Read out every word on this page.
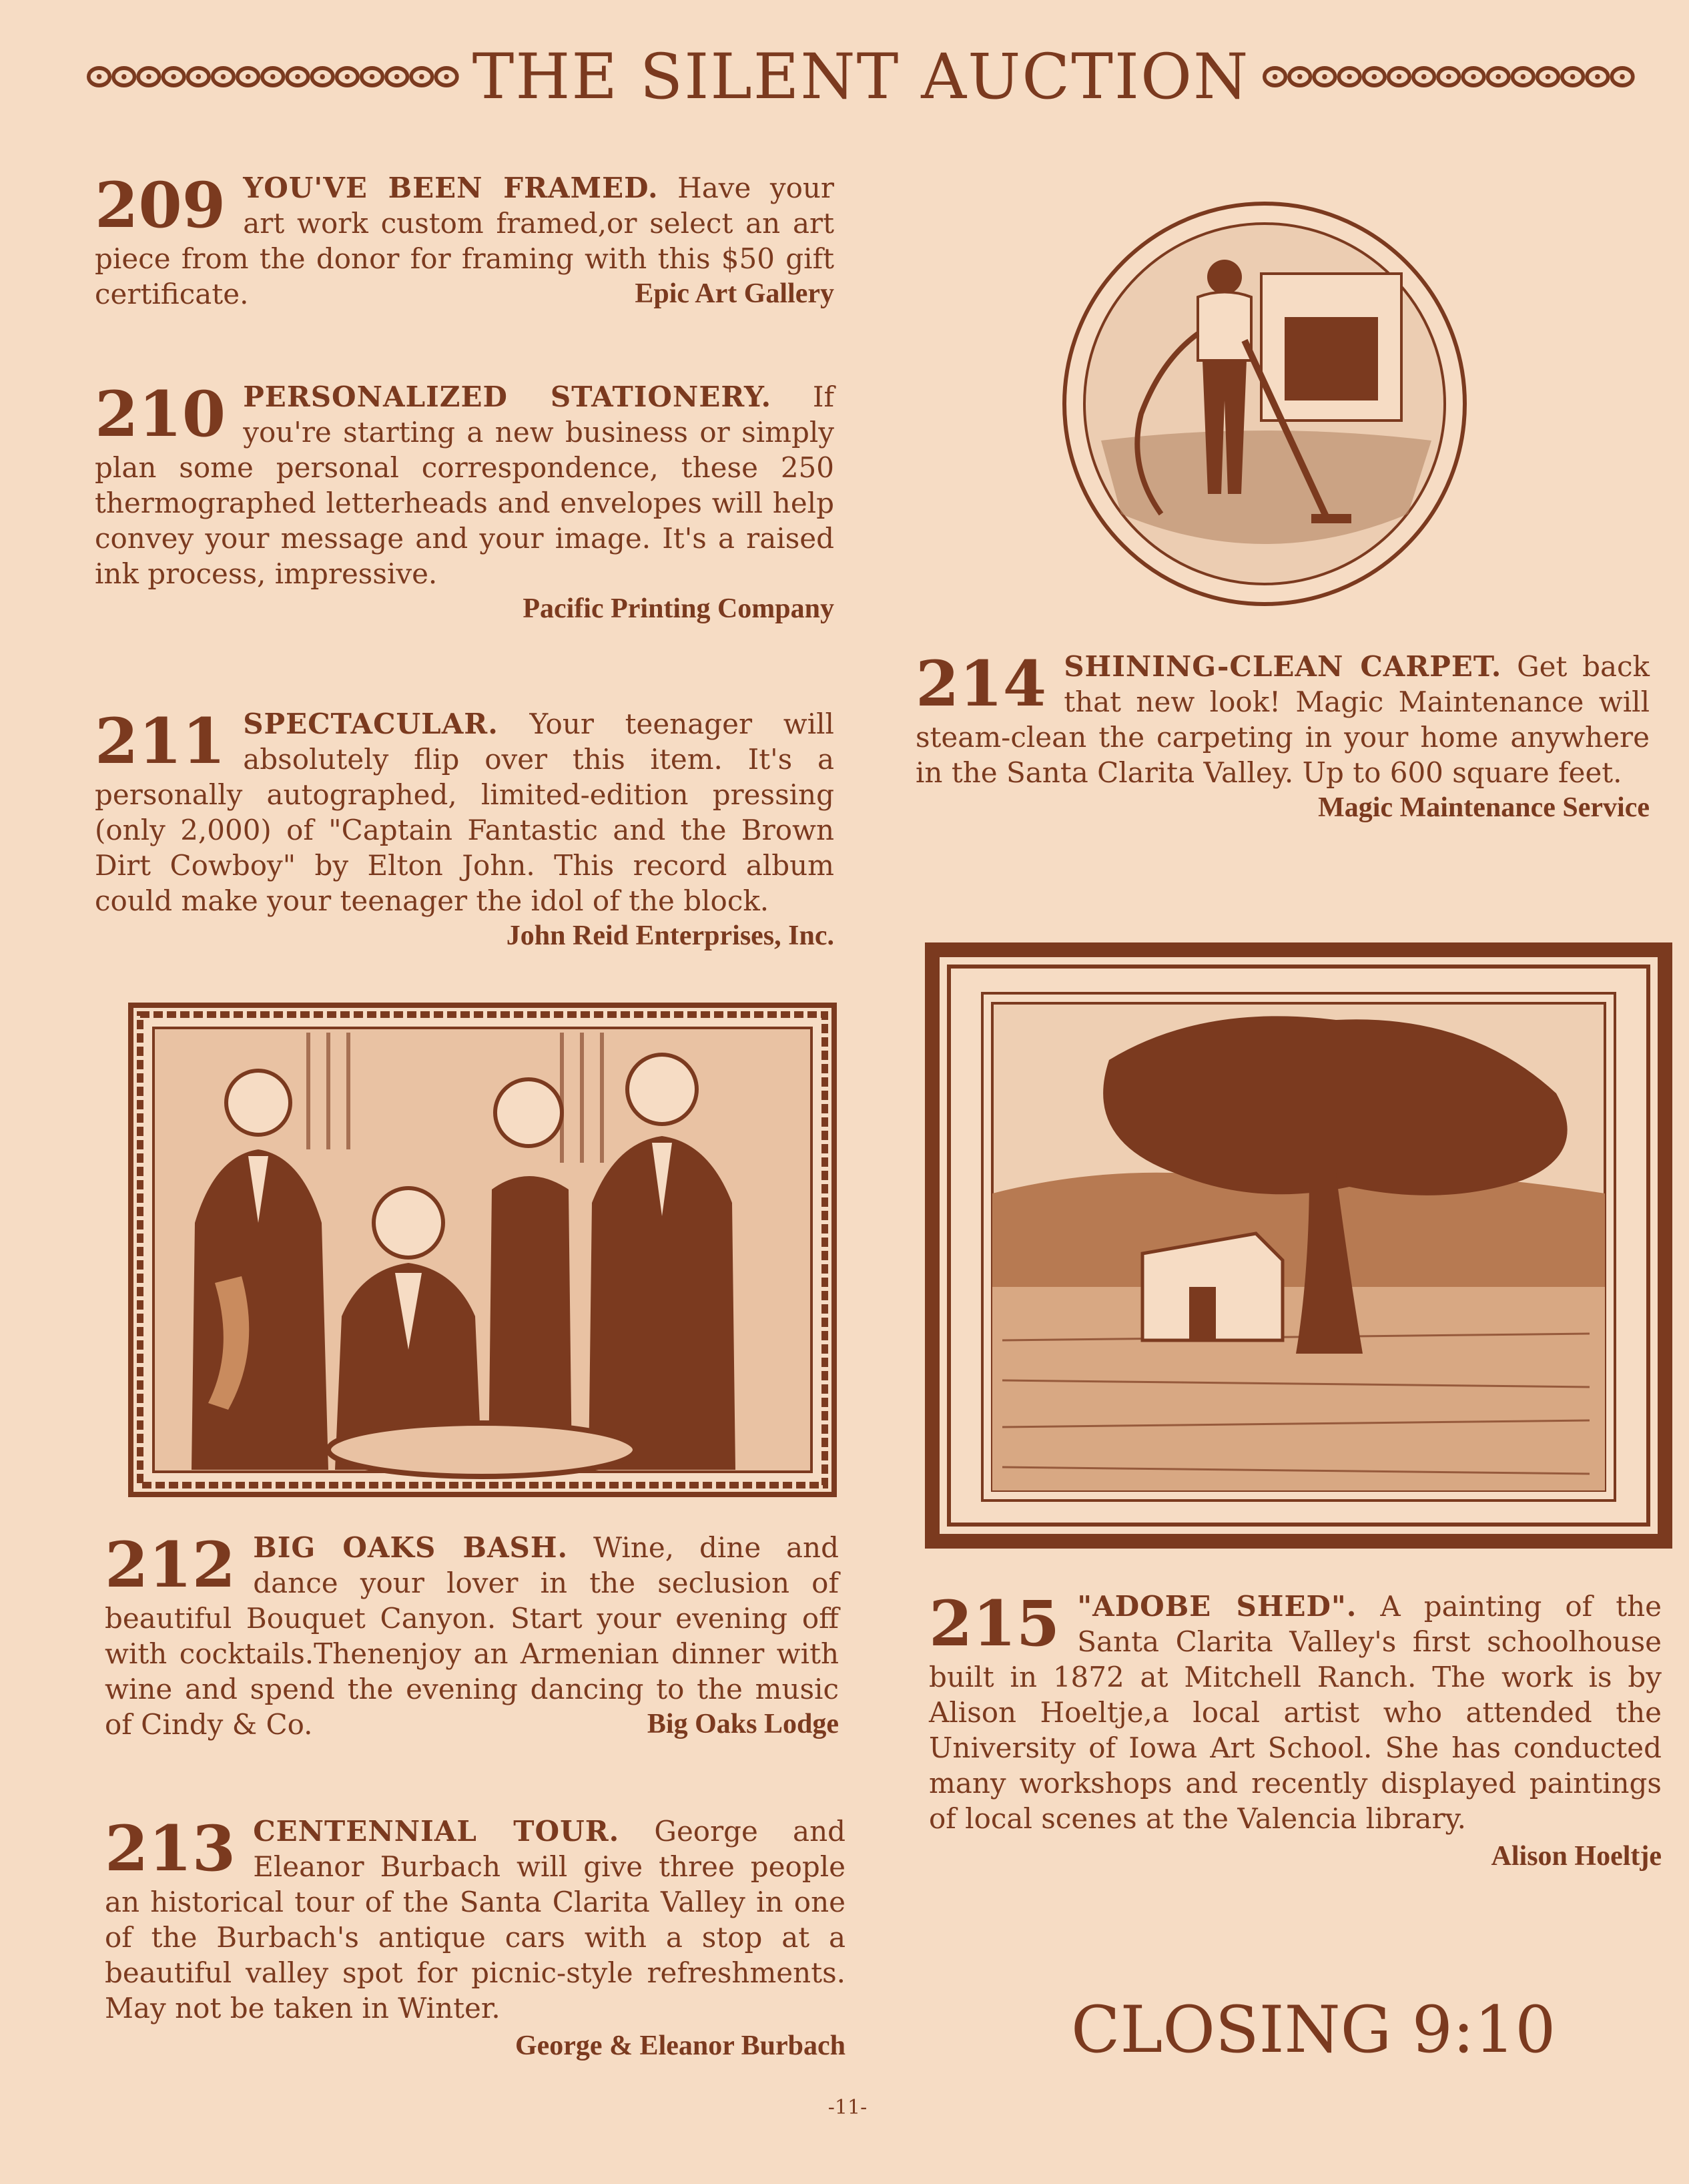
THE SILENT AUCTION

209 YOU'VE BEEN FRAMED. Have your art work custom framed,or select an art piece from the donor for framing with this $50 gift certificate.	Epic Art Gallery

210 PERSONALIZED STATIONERY. If you're starting a new business or simply plan some personal correspondence, these 250 thermographed letterheads and envelopes will help convey your message and your image. It's a raised ink process, impressive.

Pacific Printing Company

211 SPECTACULAR. Your teenager will absolutely flip over this item. It's a personally autographed, limited-edition pressing (only 2,000) of "Captain Fantastic and the Brown Dirt Cowboy" by Elton John. This record album could make your teenager the idol of the block.

John Reid Enterprises, Inc.

212 BIG OAKS BASH. Wine, dine and dance your lover in the seclusion of beautiful Bouquet Canyon. Start your evening off with cocktails.Thenenjoy an Armenian dinner with wine and spend the evening dancing to the music of Cindy & Co.	Big Oaks Lodge

213 CENTENNIAL TOUR. George and Eleanor Burbach will give three people an historical tour of the Santa Clarita Valley in one of the Burbach's antique cars with a stop at a beautiful valley spot for picnic-style refreshments. May not be taken in Winter.

George & Eleanor Burbach

214 SHINING-CLEAN CARPET. Get back that new look! Magic Maintenance will steam-clean the carpeting in your home anywhere in the Santa Clarita Valley. Up to 600 square feet.

Magic Maintenance Service

215 "ADOBE SHED". A painting of the Santa Clarita Valley's first schoolhouse built in 1872 at Mitchell Ranch. The work is by Alison Hoeltje,a local artist who attended the University of Iowa Art School. She has conducted many workshops and recently displayed paintings of local scenes at the Valencia library.

Alison Hoeltje
CLOSING 9:10
-11-
